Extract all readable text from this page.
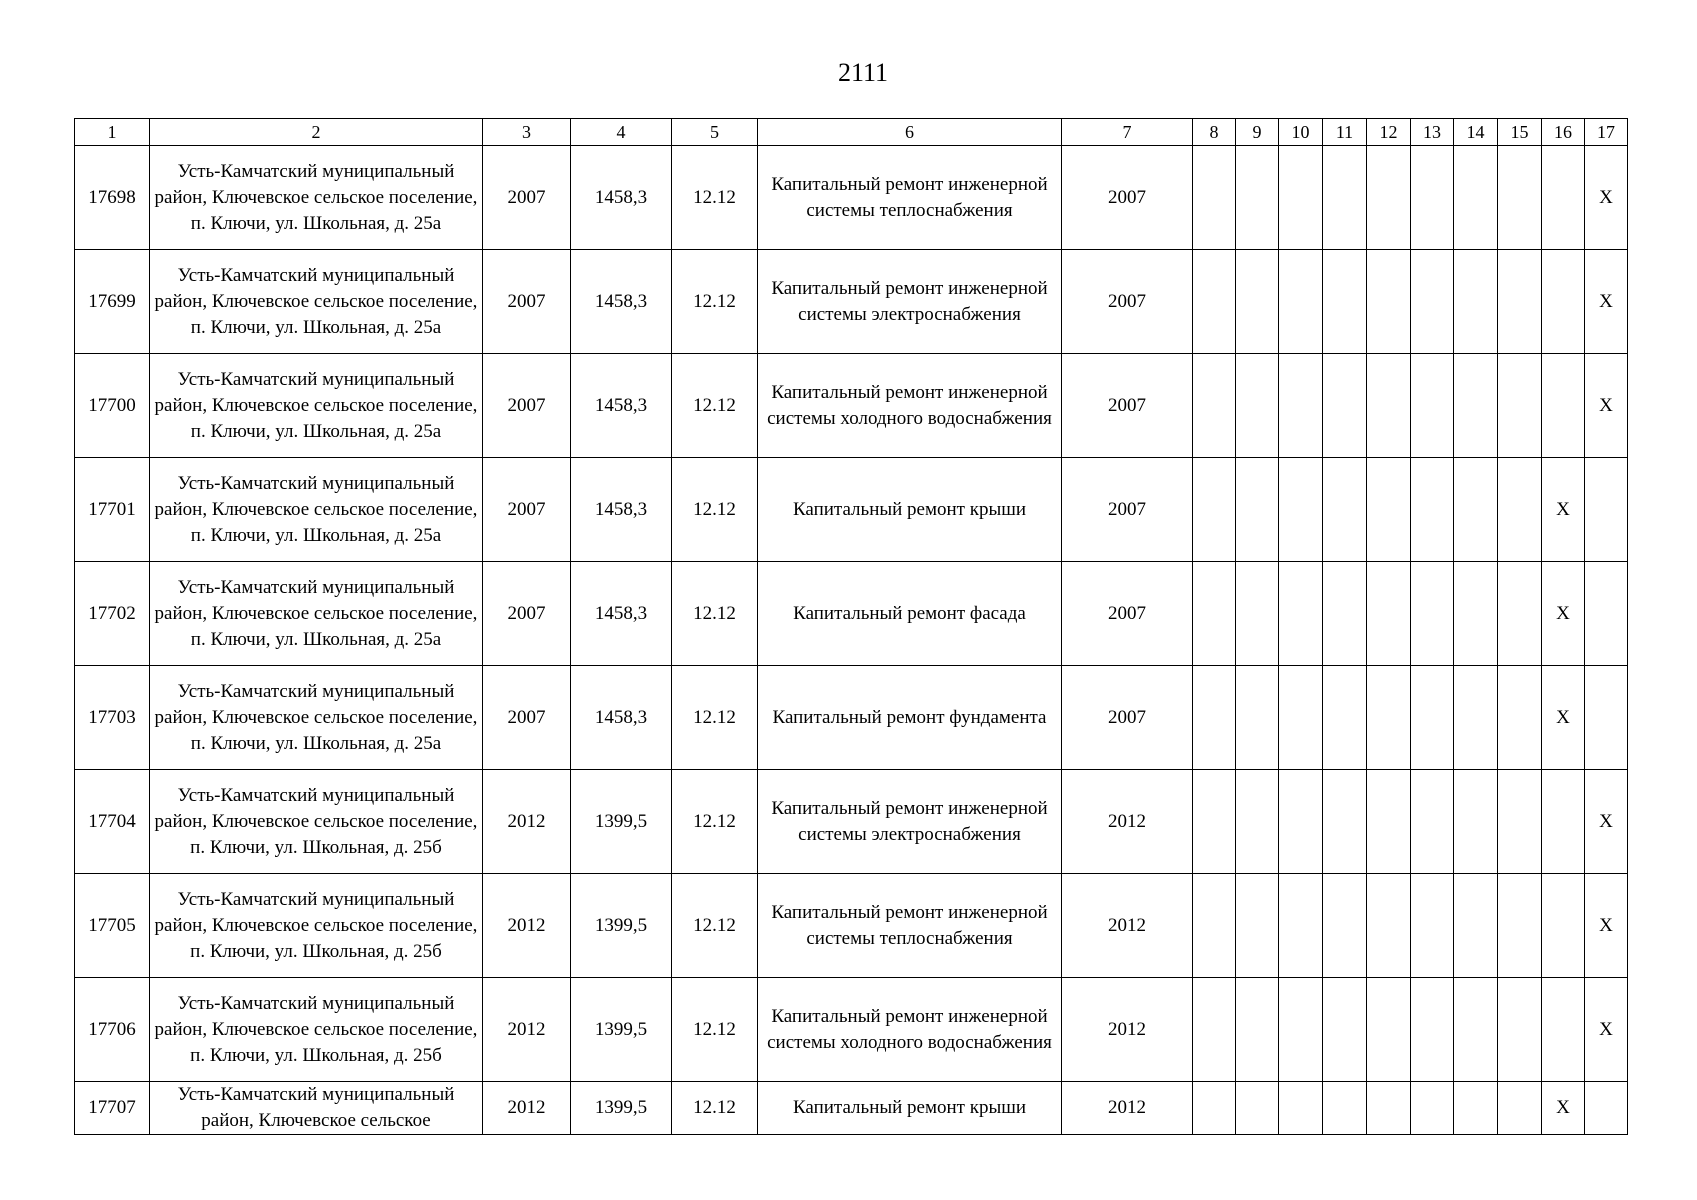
2111
1	2	3	4	5	6	7	8	9	10	11	12	13	14	15	16	17
17698	Усть-Камчатский муниципальный район, Ключевское сельское поселение, п. Ключи, ул. Школьная, д. 25а	2007	1458,3	12.12	Капитальный ремонт инженерной системы теплоснабжения	2007										X
17699	Усть-Камчатский муниципальный район, Ключевское сельское поселение, п. Ключи, ул. Школьная, д. 25а	2007	1458,3	12.12	Капитальный ремонт инженерной системы электроснабжения	2007										X
17700	Усть-Камчатский муниципальный район, Ключевское сельское поселение, п. Ключи, ул. Школьная, д. 25а	2007	1458,3	12.12	Капитальный ремонт инженерной системы холодного водоснабжения	2007										X
17701	Усть-Камчатский муниципальный район, Ключевское сельское поселение, п. Ключи, ул. Школьная, д. 25а	2007	1458,3	12.12	Капитальный ремонт крыши	2007									X	
17702	Усть-Камчатский муниципальный район, Ключевское сельское поселение, п. Ключи, ул. Школьная, д. 25а	2007	1458,3	12.12	Капитальный ремонт фасада	2007									X	
17703	Усть-Камчатский муниципальный район, Ключевское сельское поселение, п. Ключи, ул. Школьная, д. 25а	2007	1458,3	12.12	Капитальный ремонт фундамента	2007									X	
17704	Усть-Камчатский муниципальный район, Ключевское сельское поселение, п. Ключи, ул. Школьная, д. 25б	2012	1399,5	12.12	Капитальный ремонт инженерной системы электроснабжения	2012										X
17705	Усть-Камчатский муниципальный район, Ключевское сельское поселение, п. Ключи, ул. Школьная, д. 25б	2012	1399,5	12.12	Капитальный ремонт инженерной системы теплоснабжения	2012										X
17706	Усть-Камчатский муниципальный район, Ключевское сельское поселение, п. Ключи, ул. Школьная, д. 25б	2012	1399,5	12.12	Капитальный ремонт инженерной системы холодного водоснабжения	2012										X
17707	Усть-Камчатский муниципальный район, Ключевское сельское	2012	1399,5	12.12	Капитальный ремонт крыши	2012									X	
